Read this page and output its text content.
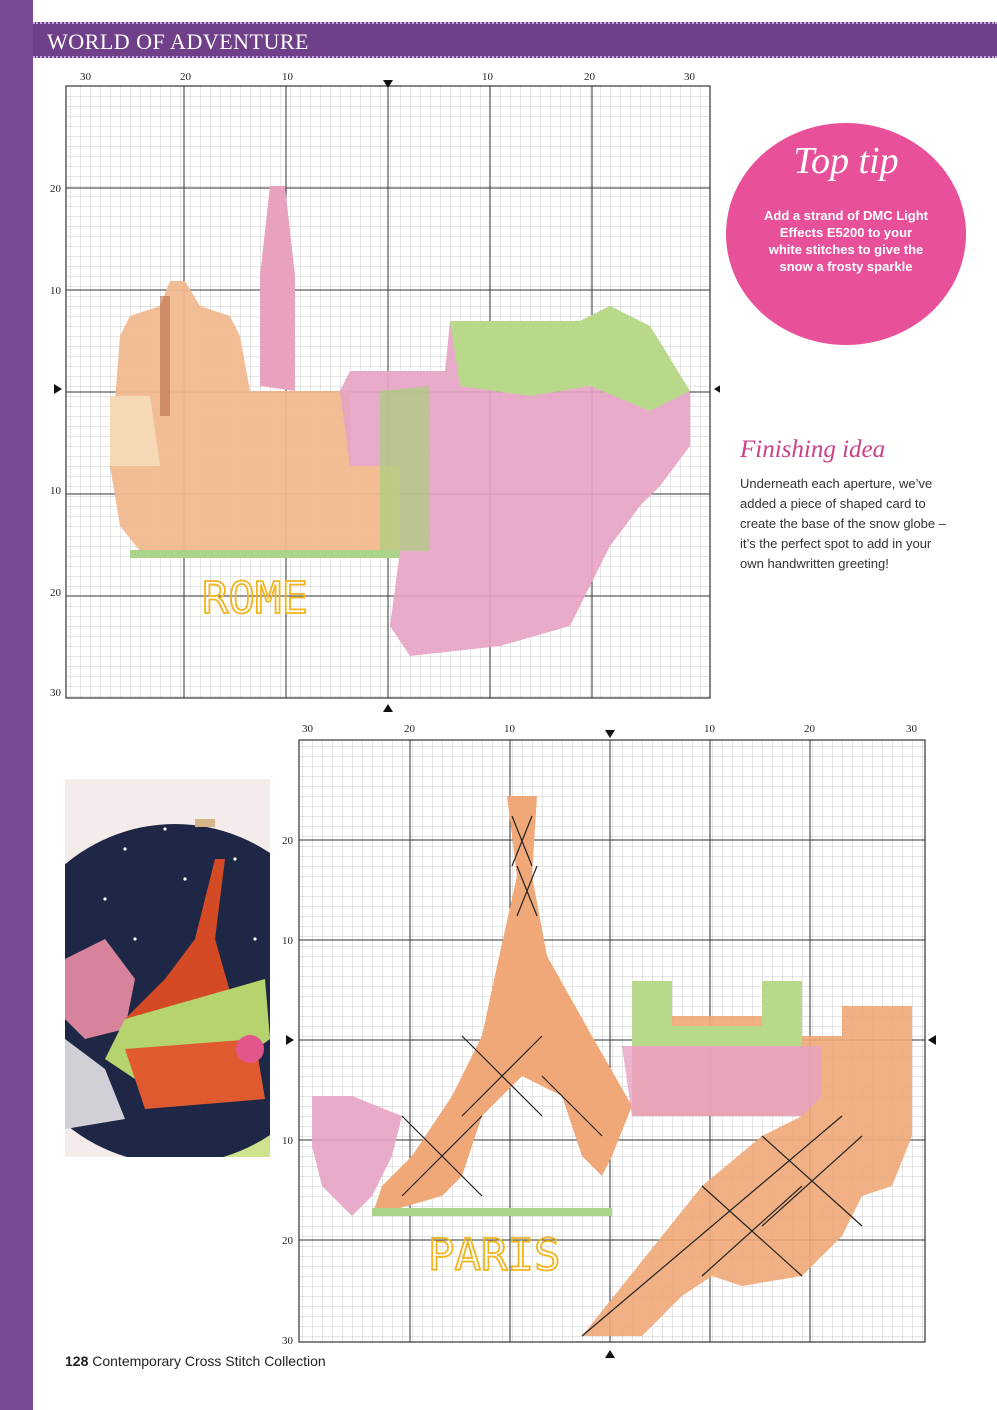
WORLD OF ADVENTURE
ROME
30	20	10	10	20	30
20
10
10
20
30
PARIS
30	20	10	10	20	30
20
10
10
20
30
Top tip
Add a strand of DMC Light Effects E5200 to your white stitches to give the snow a frosty sparkle
Finishing idea
Underneath each aperture, we’ve added a piece of shaped card to create the base of the snow globe – it’s the perfect spot to add in your own handwritten greeting!
128 Contemporary Cross Stitch Collection
